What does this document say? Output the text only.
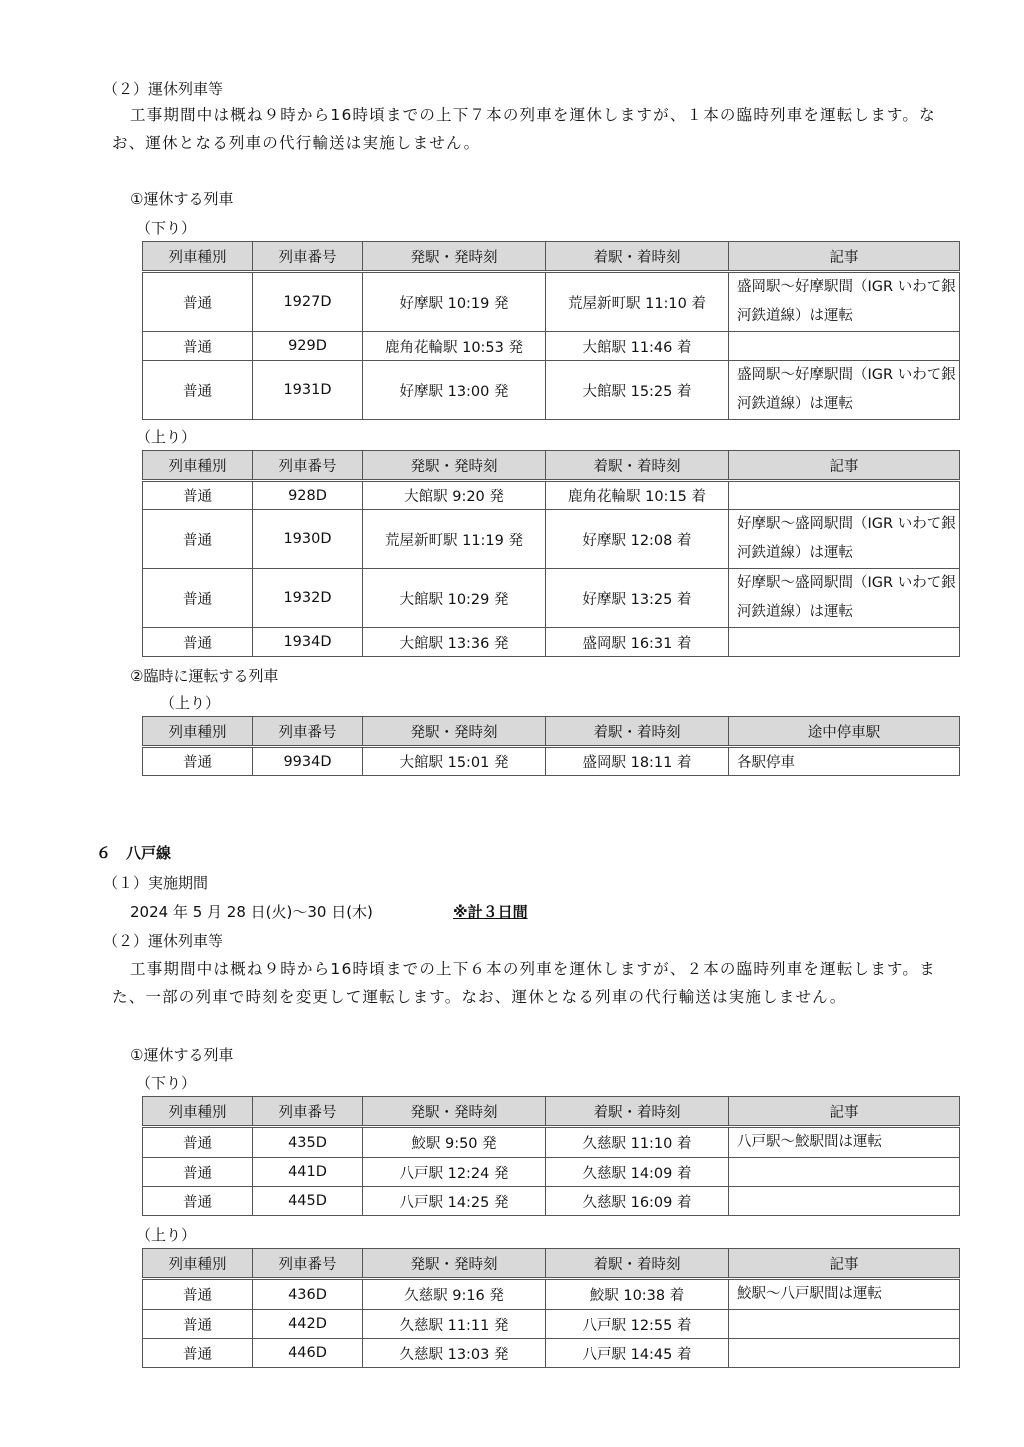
（２）運休列車等
工事期間中は概ね９時から16時頃までの上下７本の列車を運休しますが、１本の臨時列車を運転します。なお、運休となる列車の代行輸送は実施しません。
①運休する列車
（下り）
列車種別	列車番号	発駅・発時刻	着駅・着時刻	記事
普通	1927D	好摩駅 10:19 発	荒屋新町駅 11:10 着	盛岡駅～好摩駅間（IGR いわて銀河鉄道線）は運転
普通	929D	鹿角花輪駅 10:53 発	大館駅 11:46 着	
普通	1931D	好摩駅 13:00 発	大館駅 15:25 着	盛岡駅～好摩駅間（IGR いわて銀河鉄道線）は運転
（上り）
列車種別	列車番号	発駅・発時刻	着駅・着時刻	記事
普通	928D	大館駅 9:20 発	鹿角花輪駅 10:15 着	
普通	1930D	荒屋新町駅 11:19 発	好摩駅 12:08 着	好摩駅～盛岡駅間（IGR いわて銀河鉄道線）は運転
普通	1932D	大館駅 10:29 発	好摩駅 13:25 着	好摩駅～盛岡駅間（IGR いわて銀河鉄道線）は運転
普通	1934D	大館駅 13:36 発	盛岡駅 16:31 着	
②臨時に運転する列車
（上り）
列車種別	列車番号	発駅・発時刻	着駅・着時刻	途中停車駅
普通	9934D	大館駅 15:01 発	盛岡駅 18:11 着	各駅停車
６　八戸線
（１）実施期間
2024 年 5 月 28 日(火)～30 日(木)	※計３日間
（２）運休列車等
工事期間中は概ね９時から16時頃までの上下６本の列車を運休しますが、２本の臨時列車を運転します。また、一部の列車で時刻を変更して運転します。なお、運休となる列車の代行輸送は実施しません。
①運休する列車
（下り）
列車種別	列車番号	発駅・発時刻	着駅・着時刻	記事
普通	435D	鮫駅 9:50 発	久慈駅 11:10 着	八戸駅～鮫駅間は運転
普通	441D	八戸駅 12:24 発	久慈駅 14:09 着	
普通	445D	八戸駅 14:25 発	久慈駅 16:09 着	
（上り）
列車種別	列車番号	発駅・発時刻	着駅・着時刻	記事
普通	436D	久慈駅 9:16 発	鮫駅 10:38 着	鮫駅～八戸駅間は運転
普通	442D	久慈駅 11:11 発	八戸駅 12:55 着	
普通	446D	久慈駅 13:03 発	八戸駅 14:45 着	
